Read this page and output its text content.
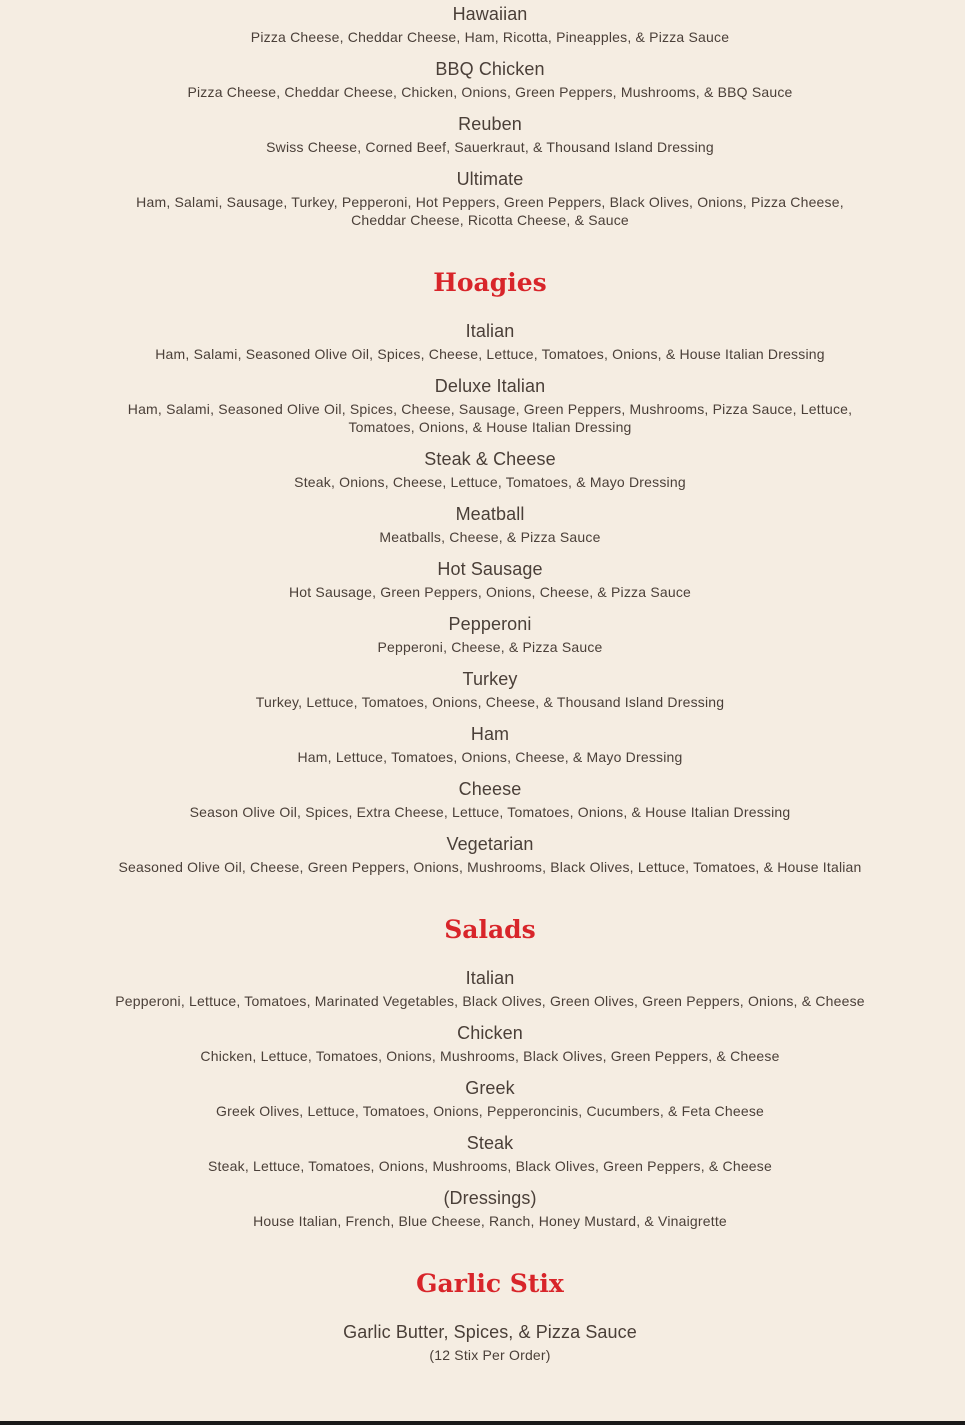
Hawaiian
Pizza Cheese, Cheddar Cheese, Ham, Ricotta, Pineapples, & Pizza Sauce
BBQ Chicken
Pizza Cheese, Cheddar Cheese, Chicken, Onions, Green Peppers, Mushrooms, & BBQ Sauce
Reuben
Swiss Cheese, Corned Beef, Sauerkraut, & Thousand Island Dressing
Ultimate
Ham, Salami, Sausage, Turkey, Pepperoni, Hot Peppers, Green Peppers, Black Olives, Onions, Pizza Cheese, Cheddar Cheese, Ricotta Cheese, & Sauce
Hoagies
Italian
Ham, Salami, Seasoned Olive Oil, Spices, Cheese, Lettuce, Tomatoes, Onions, & House Italian Dressing
Deluxe Italian
Ham, Salami, Seasoned Olive Oil, Spices, Cheese, Sausage, Green Peppers, Mushrooms, Pizza Sauce, Lettuce, Tomatoes, Onions, & House Italian Dressing
Steak & Cheese
Steak, Onions, Cheese, Lettuce, Tomatoes, & Mayo Dressing
Meatball
Meatballs, Cheese, & Pizza Sauce
Hot Sausage
Hot Sausage, Green Peppers, Onions, Cheese, & Pizza Sauce
Pepperoni
Pepperoni, Cheese, & Pizza Sauce
Turkey
Turkey, Lettuce, Tomatoes, Onions, Cheese, & Thousand Island Dressing
Ham
Ham, Lettuce, Tomatoes, Onions, Cheese, & Mayo Dressing
Cheese
Season Olive Oil, Spices, Extra Cheese, Lettuce, Tomatoes, Onions, & House Italian Dressing
Vegetarian
Seasoned Olive Oil, Cheese, Green Peppers, Onions, Mushrooms, Black Olives, Lettuce, Tomatoes, & House Italian
Salads
Italian
Pepperoni, Lettuce, Tomatoes, Marinated Vegetables, Black Olives, Green Olives, Green Peppers, Onions, & Cheese
Chicken
Chicken, Lettuce, Tomatoes, Onions, Mushrooms, Black Olives, Green Peppers, & Cheese
Greek
Greek Olives, Lettuce, Tomatoes, Onions, Pepperoncinis, Cucumbers, & Feta Cheese
Steak
Steak, Lettuce, Tomatoes, Onions, Mushrooms, Black Olives, Green Peppers, & Cheese
(Dressings)
House Italian, French, Blue Cheese, Ranch, Honey Mustard, & Vinaigrette
Garlic Stix
Garlic Butter, Spices, & Pizza Sauce
(12 Stix Per Order)
